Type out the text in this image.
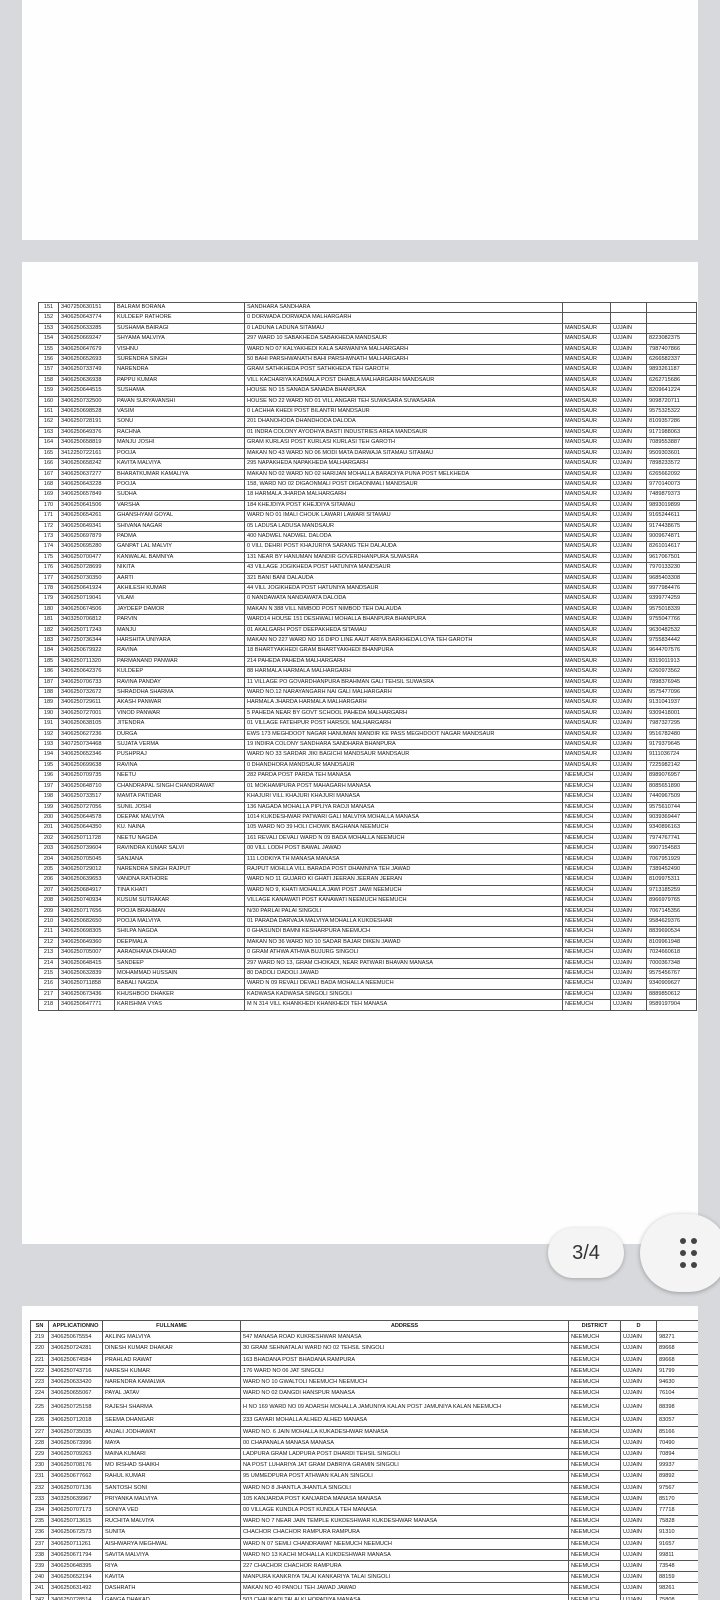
151	3407250630151	BALRAM BORANA	SANDHARA SANDHARA			
152	3406250643774	KULDEEP RATHORE	0 DORWADA DORWADA MALHARGARH			
153	3406250633285	SUSHAMA BAIRAGI	0 LADUNA LADUNA SITAMAU	MANDSAUR	UJJAIN	
154	3406250669247	SHYAMA MALVIYA	297 WARD 10 SABAKHEDA SABAKHEDA MANDSAUR	MANDSAUR	UJJAIN	8223082375
155	3406250647679	VISHNU	WARD NO 07 KALYAKHEDI KALA SARWANIYA MALHARGARH	MANDSAUR	UJJAIN	7987407866
156	3406250652693	SURENDRA SINGH	50 BAHI PARSHWANATH BAHI PARSHWNATH MALHARGARH	MANDSAUR	UJJAIN	6266582337
157	3406250733749	NARENDRA	GRAM SATHKHEDA POST SATHKHEDA TEH GAROTH	MANDSAUR	UJJAIN	9893261187
158	3406250636938	PAPPU KUMAR	VILL KACHARIYA KADMALA POST DHABLA MALHARGARH MANDSAUR	MANDSAUR	UJJAIN	6262715686
159	3406250644515	SUSHAMA	HOUSE NO 15 SANADA SANADA BHANPURA	MANDSAUR	UJJAIN	8209641224
160	3406250732500	PAVAN SURYAVANSHI	HOUSE NO 22 WARD NO 01 VILL ANGARI TEH SUWASARA SUWASARA	MANDSAUR	UJJAIN	9098720711
161	3406250698528	VASIM	0 LACHHA KHEDI POST BILANTRI MANDSAUR	MANDSAUR	UJJAIN	9575325322
162	3406250728191	SONU	201 DHANOHODA DHANDHODA DALODA	MANDSAUR	UJJAIN	8109357286
163	3406250649376	RACHNA	01 INDRA COLONY AYODHYA BASTI INDUSTRIES AREA MANDSAUR	MANDSAUR	UJJAIN	9171988063
164	3406250658819	MANJU JOSHI	GRAM KURLASI POST KURLASI KURLASI TEH GAROTH	MANDSAUR	UJJAIN	7089553887
165	3412250722161	POOJA	MAKAN NO 43 WARD NO 06 MODI MATA DARWAJA SITAMAU SITAMAU	MANDSAUR	UJJAIN	9509303601
166	3406250658242	KAVITA MALVIYA	295 NAPAKHEDA NAPAKHEDA MALHARGARH	MANDSAUR	UJJAIN	7898233572
167	3406250637277	BHARATKUMAR KAMALIYA	MAKAN NO 02 WARD NO 02 HARIJAN MOHALLA BARADIYA PUNA POST MELKHEDA	MANDSAUR	UJJAIN	6265662092
168	3406250643228	POOJA	158, WARD NO 02 DIGAONMALI POST DIGAONMALI MANDSAUR	MANDSAUR	UJJAIN	9770140073
169	3406250657849	SUDHA	18 HARMALA JHARDA MALHARGARH	MANDSAUR	UJJAIN	7489879373
170	3406250641506	VARSHA	184 KHEJDIYA POST KHEJDIYA SITAMAU	MANDSAUR	UJJAIN	9893019899
171	3406250654261	GHANSHYAM GOYAL	WARD NO 01 IMALI CHOUK LAWARI LAWARI SITAMAU	MANDSAUR	UJJAIN	9165244611
172	3406250649341	SHIVANA NAGAR	05 LADUSA LADUSA MANDSAUR	MANDSAUR	UJJAIN	9174438675
173	3406250697879	PADMA	400 NADWEL NADWEL DALODA	MANDSAUR	UJJAIN	9009674871
174	3406250695280	GANPAT LAL MALVIY	0 VILL DEHRI POST KHAJURIYA SARANG TEH DALAUDA	MANDSAUR	UJJAIN	8261014617
175	3406250700477	KANWALAL BAMNIYA	131 NEAR BY HANUMAN MANDIR GOVERDHANPURA SUWASRA	MANDSAUR	UJJAIN	9617067501
176	3406250728699	NIKITA	43 VILLAGE JOGIKHEDA POST HATUNIYA MANDSAUR	MANDSAUR	UJJAIN	7970133230
177	3406250730350	AARTI	321 BANI BANI DALAUDA	MANDSAUR	UJJAIN	9685403308
178	3406250641924	AKHILESH KUMAR	44 VILL JOGIKHEDA POST HATUNIYA MANDSAUR	MANDSAUR	UJJAIN	9977984476
179	3406250719041	VILAM	0 NANDAWATA NANDAWATA DALODA	MANDSAUR	UJJAIN	9399774259
180	3406250674506	JAYDEEP DAMOR	MAKAN N 388 VILL NIMBOD POST NIMBOD TEH DALAUDA	MANDSAUR	UJJAIN	9575018339
181	3403250706812	PARVIN	WARD14 HOUSE 151 DESHWALI MOHALLA BHANPURA BHANPURA	MANDSAUR	UJJAIN	9755047766
182	3406250717243	MANJU	01 AKALGARH POST DEEPAKHEDA SITAMAU	MANDSAUR	UJJAIN	9630482532
183	3407250736344	HARSHITA UNIYARA	MAKAN NO 227 WARD NO 16 DIPO LINE AAUT ARIYA BARKHEDA LOYA TEH GAROTH	MANDSAUR	UJJAIN	9755834442
184	3406250679922	RAVINA	18 BHARTYAKHEDI GRAM BHARTYAKHEDI BHANPURA	MANDSAUR	UJJAIN	9644707576
185	3406250711320	PARMANAND PANWAR	214 PAHEDA PAHEDA MALHARGARH	MANDSAUR	UJJAIN	8319011913
186	3406250642376	KULDEEP	88 HARMALA HARMALA MALHARGARH	MANDSAUR	UJJAIN	6260973562
187	3406250706733	RAVINA PANDAY	11 VILLAGE PO GOVARDHANPURA BRAHMAN GALI TEHSIL SUWASRA	MANDSAUR	UJJAIN	7898376945
188	3406250732672	SHRADDHA SHARMA	WARD NO.12 NARAYANGARH NAI GALI MALHARGARH	MANDSAUR	UJJAIN	9575477096
189	3406250729611	AKASH PANWAR	HARMALA JHARDA HARMALA MALHARGARH	MANDSAUR	UJJAIN	9131041937
190	3406250727001	VINOD PANWAR	5 PAHEDA NEAR BY GOVT SCHOOL PAHEDA MALHARGARH	MANDSAUR	UJJAIN	9309418001
191	3406250638105	JITENDRA	01 VILLAGE FATEHPUR POST HARSOL MALHARGARH	MANDSAUR	UJJAIN	7987327295
192	3406250627236	DURGA	EWS 173 MEGHDOOT NAGAR HANUMAN MANDIR KE PASS MEGHDOOT NAGAR MANDSAUR	MANDSAUR	UJJAIN	9516782480
193	3407250734468	SUJATA VERMA	19 INDIRA COLONY SANDHARA SANDHARA BHANPURA	MANDSAUR	UJJAIN	9179379645
194	3406250652346	PUSHPRAJ	WARD NO 33 SARDAR JIKI BAGICHI MANDSAUR MANDSAUR	MANDSAUR	UJJAIN	9111036724
195	3406250699638	RAVINA	0 DHANDHORA MANDSAUR MANDSAUR	MANDSAUR	UJJAIN	7225982142
196	3406250709735	NEETU	282 PARDA POST PARDA TEH MANASA	NEEMUCH	UJJAIN	8989076957
197	3406250648710	CHANDRAPAL SINGH CHANDRAWAT	01 MOKHAMPURA POST MAHAGARH MANASA	NEEMUCH	UJJAIN	8085651890
198	3406250733517	MAMTA PATIDAR	KHAJURI VILL KHAJURI KHAJURI MANASA	NEEMUCH	UJJAIN	7440967509
199	3406250727056	SUNIL JOSHI	136 NAGADA MOHALLA PIPLIYA RAOJI MANASA	NEEMUCH	UJJAIN	9575610744
200	3406250644578	DEEPAK MALVIYA	1014 KUKDESHWAR PATWARI GALI MALVIYA MOHALLA MANASA	NEEMUCH	UJJAIN	9039369447
201	3406250644350	KU. NAINA	105 WARD NO 39 HOLI CHOWK BAGHANA NEEMUCH	NEEMUCH	UJJAIN	9340896163
202	3406250711728	NEETU NAGDA	161 REVALI DEVALI WARD N 09 BADA MOHALLA NEEMUCH	NEEMUCH	UJJAIN	7974767741
203	3406250739604	RAVINDRA KUMAR SALVI	00 VILL LODH POST BAWAL JAWAD	NEEMUCH	UJJAIN	9907154583
204	3406250705045	SANJANA	111 LODKIYA TH MANASA MANASA	NEEMUCH	UJJAIN	7067951929
205	3406250729012	NARENDRA SINGH RAJPUT	RAJPUT MOHLLA VILL BARADA POST DHAMNIYA TEH JAWAD	NEEMUCH	UJJAIN	7389452490
206	3406250639653	VANDNA RATHORE	WARD NO 11 GUJARO KI GHATI JEERAN JEERAN JEERAN	NEEMUCH	UJJAIN	8109975311
207	3406250684917	TINA KHATI	WARD NO 9, KHATI MOHALLA JAWI POST JAWI NEEMUCH	NEEMUCH	UJJAIN	9713185259
208	3406250740934	KUSUM SUTRAKAR	VILLAGE KANAWATI POST KANAWATI NEEMUCH NEEMUCH	NEEMUCH	UJJAIN	8966979765
209	3406250717656	POOJA BRAHMAN	N/30 PARLAI PALAI SINGOLI	NEEMUCH	UJJAIN	7067145356
210	3406250682650	POOJA MALVIYA	01 PARADA DARVAJA MALVIYA MOHALLA KUKDESHAR	NEEMUCH	UJJAIN	9584629376
211	3406250698305	SHILPA NAGDA	0 GHASUNDI BAMNI KESHARPURA NEEMUCH	NEEMUCH	UJJAIN	8839690534
212	3406250649360	DEEPMALA	MAKAN NO 36 WARD NO 10 SADAR BAJAR DIKEN JAWAD	NEEMUCH	UJJAIN	8109961948
213	3406250705007	AARADHANA DHAKAD	0 GRAM ATHWA ATHWA BUJURG SINGOLI	NEEMUCH	UJJAIN	7024660618
214	3406250648415	SANDEEP	297 WARD NO 13, GRAM CHOKADI, NEAR PATWARI BHAVAN MANASA	NEEMUCH	UJJAIN	7000367348
215	3406250632839	MOHAMMAD HUSSAIN	80 DADOLI DADOLI JAWAD	NEEMUCH	UJJAIN	9575456767
216	3406250711858	BABALI NAGDA	WARD N 09 REVALI DEVALI BADA MOHALLA NEEMUCH	NEEMUCH	UJJAIN	9340909627
217	3406250673436	KHUSHBOO DHAKER	KADWASA KADWASA SINGOLI SINGOLI	NEEMUCH	UJJAIN	8889850612
218	3406250647771	KARISHMA VYAS	M N 314 VILL KHANKHEDI KHANKHEDI TEH MANASA	NEEMUCH	UJJAIN	9589197904
SN	APPLICATIONNO	FULLNAME	ADDRESS	DISTRICT	D	
219	3406250675554	AKLING MALVIYA	547 MANASA ROAD KUKRESHWAR MANASA	NEEMUCH	UJJAIN	98271
220	3406250724281	DINESH KUMAR DHAKAR	30 GRAM SEHNATALAI WARD NO 02 TEHSIL SINGOLI	NEEMUCH	UJJAIN	89668
221	3406250674584	PRAHLAD RAWAT	163 BHADANA POST BHADANA RAMPURA	NEEMUCH	UJJAIN	89668
222	3406250743716	NARESH KUMAR	176 WARD NO 06 JAT SINGOLI	NEEMUCH	UJJAIN	91799
223	3406250633420	NARENDRA KAMALWA	WARD NO 10 GWALTOLI NEEMUCH NEEMUCH	NEEMUCH	UJJAIN	94630
224	3406250655067	PAYAL JATAV	WARD NO 02 DANGDI HANSPUR MANASA	NEEMUCH	UJJAIN	76104
225	3406250725158	RAJESH SHARMA	H NO 169 WARD NO 09 ADARSH MOHALLA JAMUNIYA KALAN POST JAMUNIYA KALAN NEEMUCH	NEEMUCH	UJJAIN	88398
226	3406250712018	SEEMA DHANGAR	233 GAYARI MOHALLA ALHED ALHED MANASA	NEEMUCH	UJJAIN	83057
227	3406250735035	ANJALI JODHAWAT	WARD NO. 6 JAIN MOHALLA KUKADESHWAR MANASA	NEEMUCH	UJJAIN	85166
228	3406250673996	MAYA	00 CHAPANALA MANASA MANASA	NEEMUCH	UJJAIN	70490
229	3406250709263	MAINA KUMARI	LADPURA GRAM LADPURA POST DHARDI TEHSIL SINGOLI	NEEMUCH	UJJAIN	70894
230	3406250708176	MO IRSHAD SHAIKH	NA POST LUHARIYA JAT GRAM DABRIYA GRAMIN SINGOLI	NEEMUCH	UJJAIN	99937
231	3406250677662	RAHUL KUMAR	95 UMMEDPURA POST ATHWAN KALAN SINGOLI	NEEMUCH	UJJAIN	89892
232	3406250707136	SANTOSH SONI	WARD NO 8 JHANTLA JHANTLA SINGOLI	NEEMUCH	UJJAIN	97567
233	3403250639967	PRIYANKA MALVIYA	105 KANJARDA POST KANJARDA MANASA MANASA	NEEMUCH	UJJAIN	85170
234	3406250707173	SONIYA VED	00 VILLAGE KUNDLA POST KUNDLA TEH MANASA	NEEMUCH	UJJAIN	77718
235	3406250713615	RUCHITA MALVIYA	WARD NO 7 NEAR JAIN TEMPLE KUKDESHWAR KUKDESHWAR MANASA	NEEMUCH	UJJAIN	75828
236	3406250672573	SUNITA	CHACHOR CHACHOR RAMPURA RAMPURA	NEEMUCH	UJJAIN	91310
237	3406250711261	AISHWARYA MEGHWAL	WARD N 07 SEMLI CHANDRAWAT NEEMUCH NEEMUCH	NEEMUCH	UJJAIN	91657
238	3406250671794	SAVITA MALVIYA	WARD NO 13 KACHI MOHALLA KUKDESHWAR MANASA	NEEMUCH	UJJAIN	99811
239	3406250648395	RIYA	227 CHACHOR CHACHOR RAMPURA	NEEMUCH	UJJAIN	73548
240	3406250652194	KAVITA	MANPURA KANKRIYA TALAI KANKARIYA TALAI SINGOLI	NEEMUCH	UJJAIN	88159
241	3406250631492	DASHRATH	MAKAN NO 40 PANOLI TEH JAWAD JAWAD	NEEMUCH	UJJAIN	98261
242	3406250728514	GANGA DHAKAD	503 CHAUKADI TALAI KI HOPADIYA MANASA	NEEMUCH	UJJAIN	75808
3/4
